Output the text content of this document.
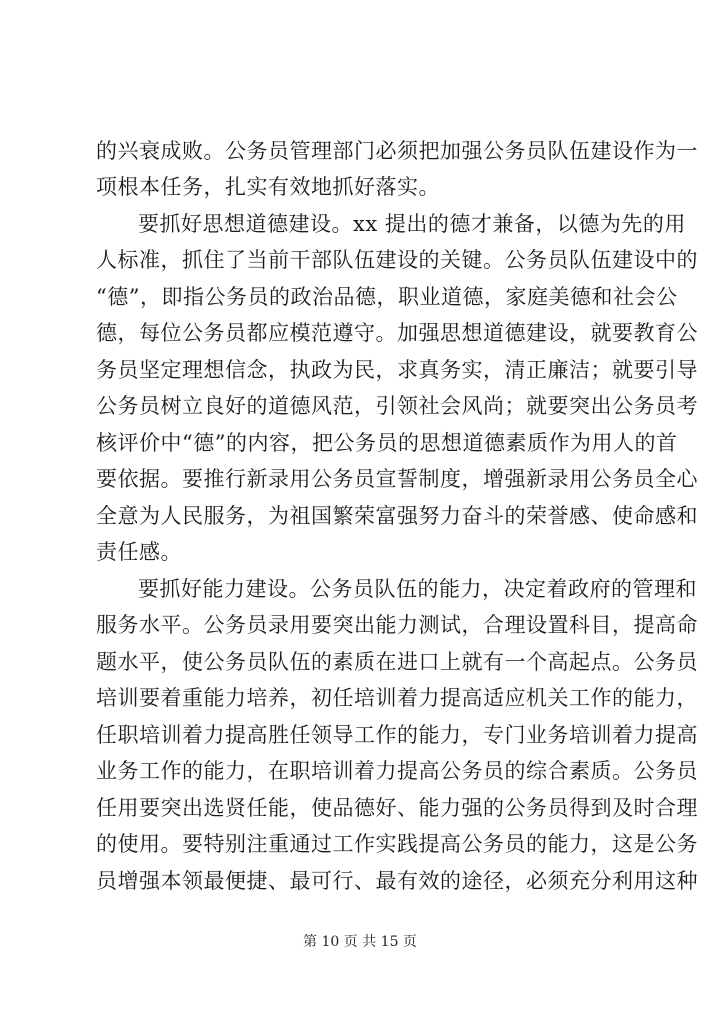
的兴衰成败。公务员管理部门必须把加强公务员队伍建设作为一
项根本任务，扎实有效地抓好落实。
要抓好思想道德建设。xx 提出的德才兼备，以德为先的用
人标准，抓住了当前干部队伍建设的关键。公务员队伍建设中的
“德”，即指公务员的政治品德，职业道德，家庭美德和社会公
德，每位公务员都应模范遵守。加强思想道德建设，就要教育公
务员坚定理想信念，执政为民，求真务实，清正廉洁；就要引导
公务员树立良好的道德风范，引领社会风尚；就要突出公务员考
核评价中“德”的内容，把公务员的思想道德素质作为用人的首
要依据。要推行新录用公务员宣誓制度，增强新录用公务员全心
全意为人民服务，为祖国繁荣富强努力奋斗的荣誉感、使命感和
责任感。
要抓好能力建设。公务员队伍的能力，决定着政府的管理和
服务水平。公务员录用要突出能力测试，合理设置科目，提高命
题水平，使公务员队伍的素质在进口上就有一个高起点。公务员
培训要着重能力培养，初任培训着力提高适应机关工作的能力，
任职培训着力提高胜任领导工作的能力，专门业务培训着力提高
业务工作的能力，在职培训着力提高公务员的综合素质。公务员
任用要突出选贤任能，使品德好、能力强的公务员得到及时合理
的使用。要特别注重通过工作实践提高公务员的能力，这是公务
员增强本领最便捷、最可行、最有效的途径，必须充分利用这种
第 10 页 共 15 页
